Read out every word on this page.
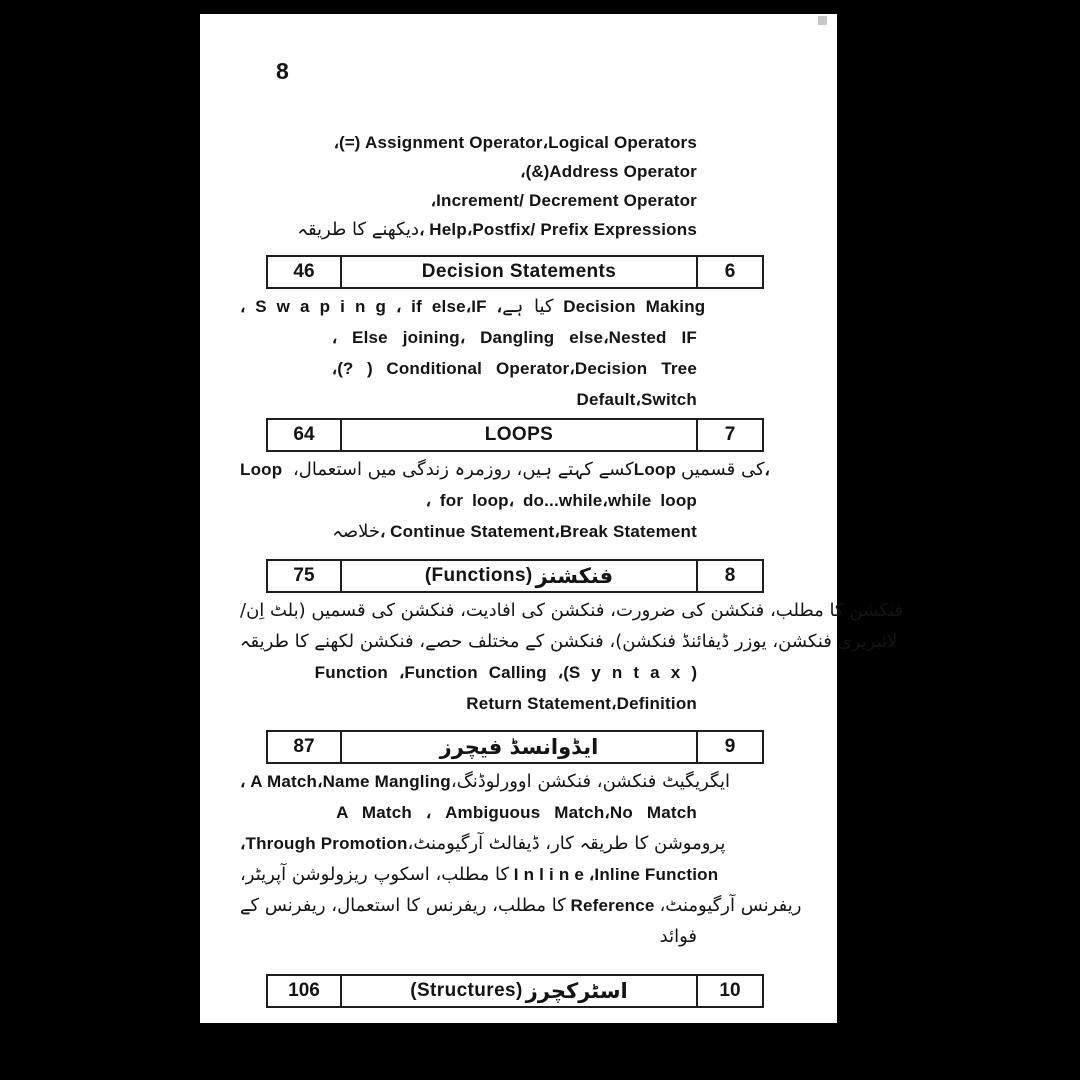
8
،(=) Assignment Operator،Logical Operators
،(&)Address Operator
،Increment/ Decrement Operator
دیکھنے کا طریقہ، Help،Postfix/ Prefix Expressions
46	Decision Statements	6
، S w a p i n g ، if else،IF ،کیا ہے Decision Making
، Else joining، Dangling else،Nested IF
،(? ) Conditional Operator،Decision Tree
Default،Switch
64	LOOPS	7
Loop کسے کہتے ہیں، روزمرہ زندگی میں استعمال، Loop کی قسمیں،
، for loop، do...while،while loop
خلاصہ، Continue Statement،Break Statement
75	(Functions) فنکشنز	8
فنکشن کا مطلب، فنکشن کی ضرورت، فنکشن کی افادیت، فنکشن کی قسمیں (بلٹ اِن/
لائبریری فنکشن، یوزر ڈیفائنڈ فنکشن)، فنکشن کے مختلف حصے، فنکشن لکھنے کا طریقہ
Function ،Function Calling ،(S y n t a x )
Return Statement،Definition
87	ایڈوانسڈ فیچرز	9
، A Match،Name Manglingایگریگیٹ فنکشن، فنکشن اوورلوڈنگ،
A Match ، Ambiguous Match،No Match
،Through Promotion پروموشن کا طریقہ کار، ڈیفالٹ آرگیومنٹ،
کا مطلب، اسکوپ ریزولوشن آپریٹر، I n l i n e ،Inline Function
کا مطلب، ریفرنس کا استعمال، ریفرنس کے Reference ریفرنس آرگیومنٹ،
فوائد
106	(Structures) اسٹرکچرز	10
